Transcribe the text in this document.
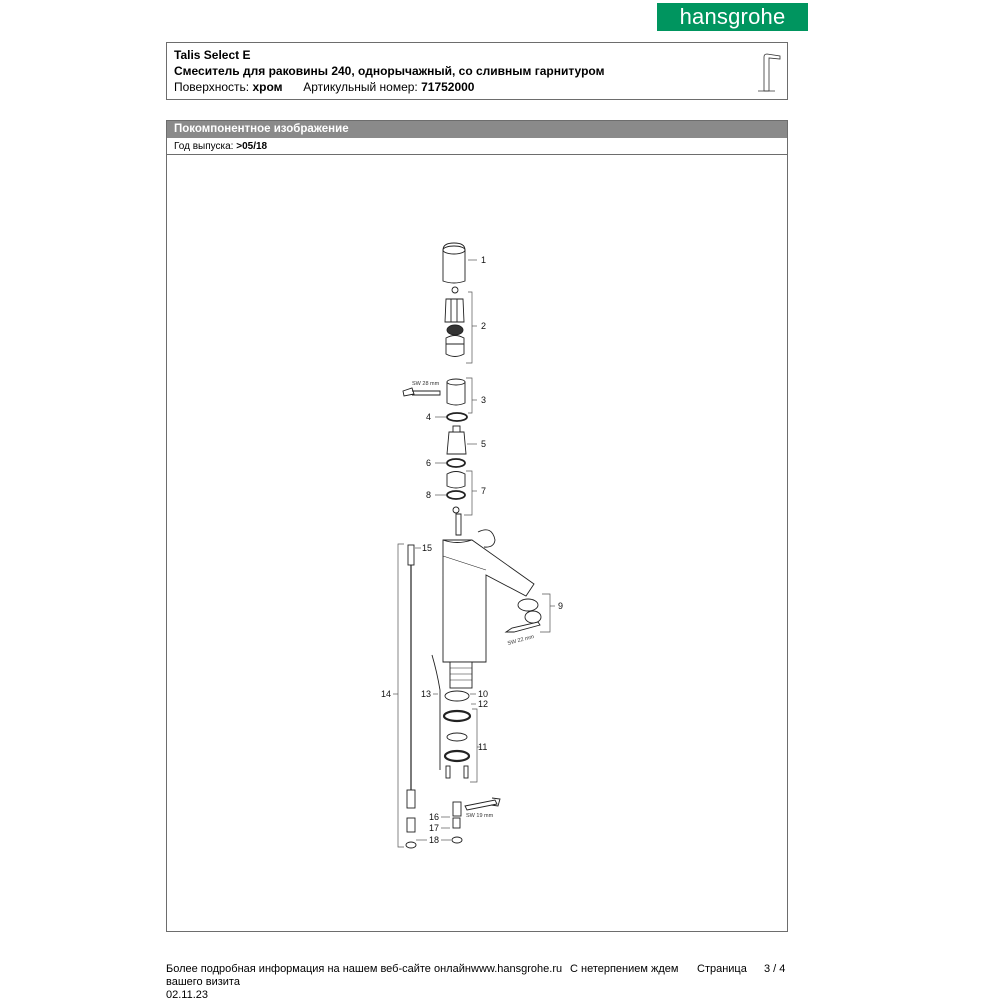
hansgrohe
Talis Select E
Смеситель для раковины 240, однорычажный, со сливным гарнитуром
Поверхность: хром Артикульный номер: 71752000
Покомпонентное изображение
Год выпуска: >05/18
SW 28 mm
SW 22 mm
SW 19 mm
1
2
3
4
5
6
7
8
9
10
11
12
13
14
15
16
17
18
Более подробная информация на нашем веб-сайте онлайн www.hansgrohe.ru С нетерпением ждем Страница 3 / 4
вашего визита
02.11.23
